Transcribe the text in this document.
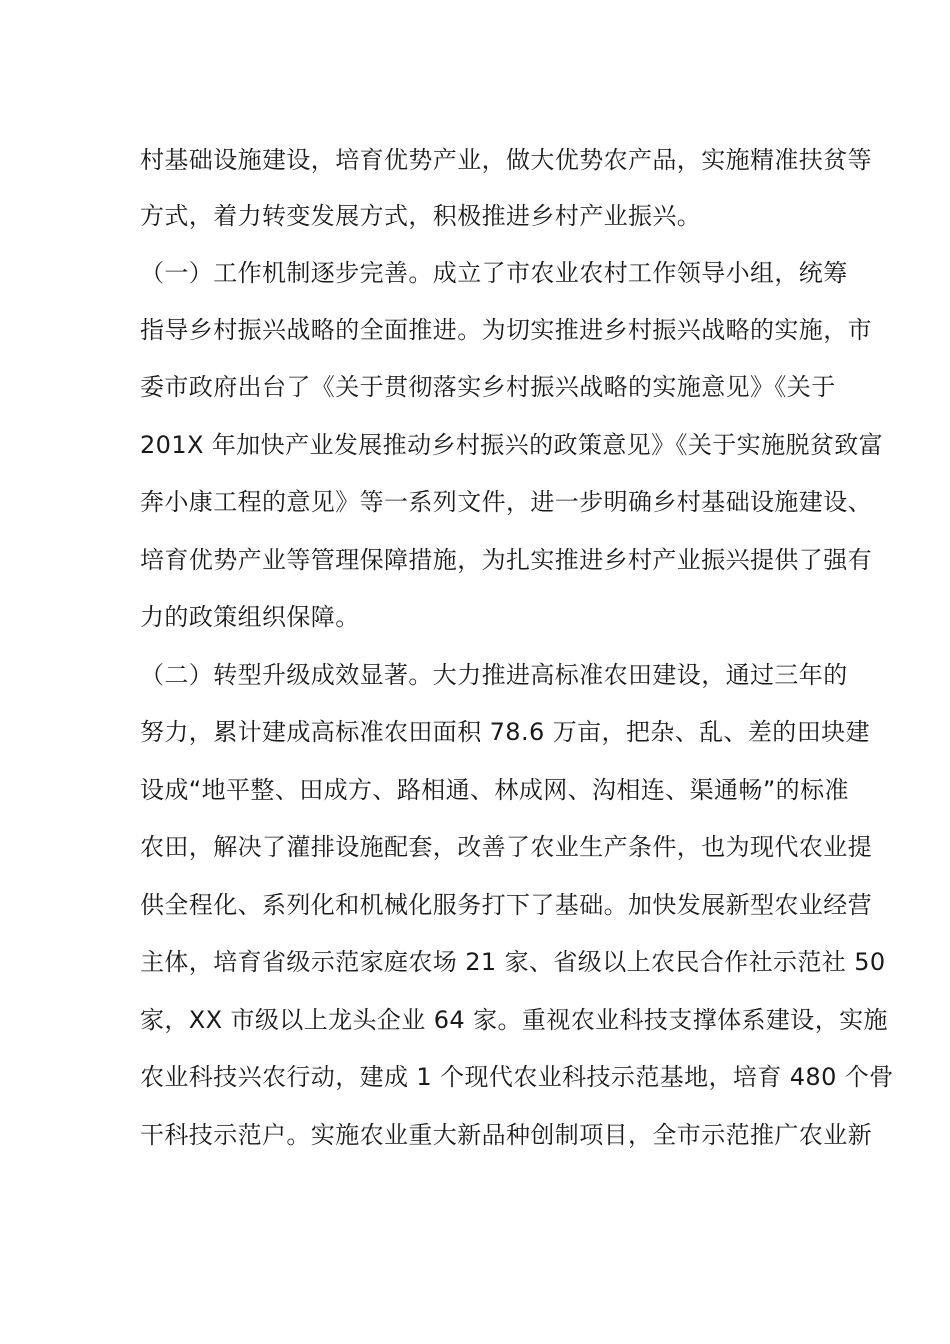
村基础设施建设，培育优势产业，做大优势农产品，实施精准扶贫等
方式，着力转变发展方式，积极推进乡村产业振兴。
（一）工作机制逐步完善。成立了市农业农村工作领导小组，统筹
指导乡村振兴战略的全面推进。为切实推进乡村振兴战略的实施，市
委市政府出台了《关于贯彻落实乡村振兴战略的实施意见》《关于
201X 年加快产业发展推动乡村振兴的政策意见》《关于实施脱贫致富
奔小康工程的意见》等一系列文件，进一步明确乡村基础设施建设、
培育优势产业等管理保障措施，为扎实推进乡村产业振兴提供了强有
力的政策组织保障。
（二）转型升级成效显著。大力推进高标准农田建设，通过三年的
努力，累计建成高标准农田面积 78.6 万亩，把杂、乱、差的田块建
设成“地平整、田成方、路相通、林成网、沟相连、渠通畅”的标准
农田，解决了灌排设施配套，改善了农业生产条件，也为现代农业提
供全程化、系列化和机械化服务打下了基础。加快发展新型农业经营
主体，培育省级示范家庭农场 21 家、省级以上农民合作社示范社 50
家，XX 市级以上龙头企业 64 家。重视农业科技支撑体系建设，实施
农业科技兴农行动，建成 1 个现代农业科技示范基地，培育 480 个骨
干科技示范户。实施农业重大新品种创制项目，全市示范推广农业新
